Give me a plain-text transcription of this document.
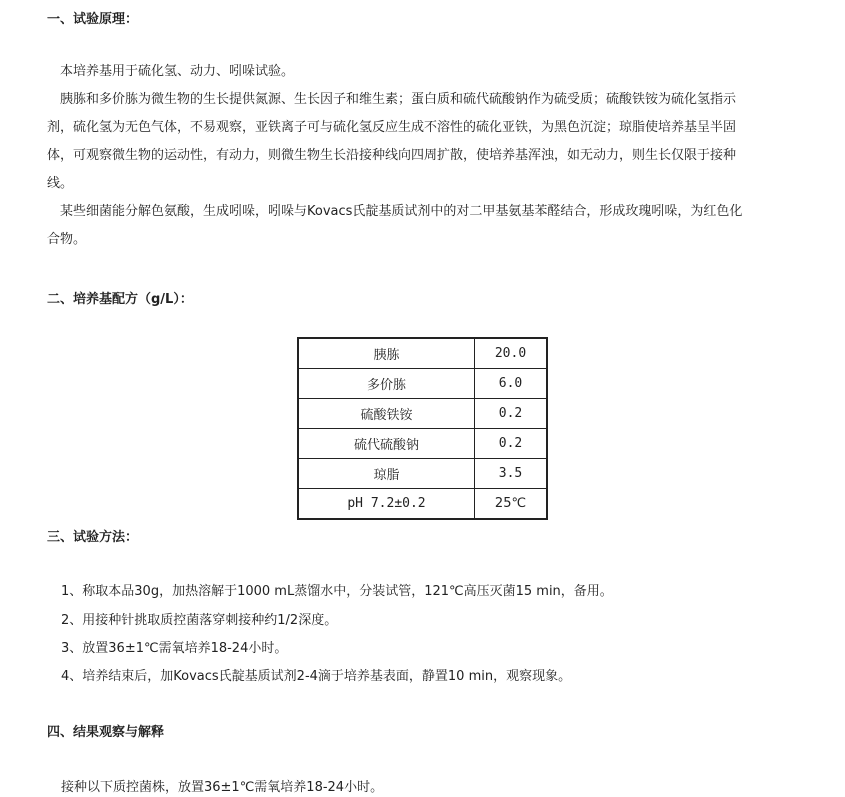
一、试验原理：
本培养基用于硫化氢、动力、吲哚试验。
胰胨和多价胨为微生物的生长提供氮源、生长因子和维生素；蛋白质和硫代硫酸钠作为硫受质；硫酸铁铵为硫化氢指示
剂，硫化氢为无色气体，不易观察，亚铁离子可与硫化氢反应生成不溶性的硫化亚铁，为黑色沉淀；琼脂使培养基呈半固
体，可观察微生物的运动性，有动力，则微生物生长沿接种线向四周扩散，使培养基浑浊，如无动力，则生长仅限于接种
线。
某些细菌能分解色氨酸，生成吲哚，吲哚与Kovacs氏靛基质试剂中的对二甲基氨基苯醛结合，形成玫瑰吲哚，为红色化
合物。
二、培养基配方（g/L）：
胰胨	20.0
多价胨	6.0
硫酸铁铵	0.2
硫代硫酸钠	0.2
琼脂	3.5
pH 7.2±0.2	25℃
三、试验方法：
1、称取本品30g，加热溶解于1000 mL蒸馏水中，分装试管，121℃高压灭菌15 min，备用。
2、用接种针挑取质控菌落穿刺接种约1/2深度。
3、放置36±1℃需氧培养18-24小时。
4、培养结束后，加Kovacs氏靛基质试剂2-4滴于培养基表面，静置10 min，观察现象。
四、结果观察与解释
接种以下质控菌株，放置36±1℃需氧培养18-24小时。
